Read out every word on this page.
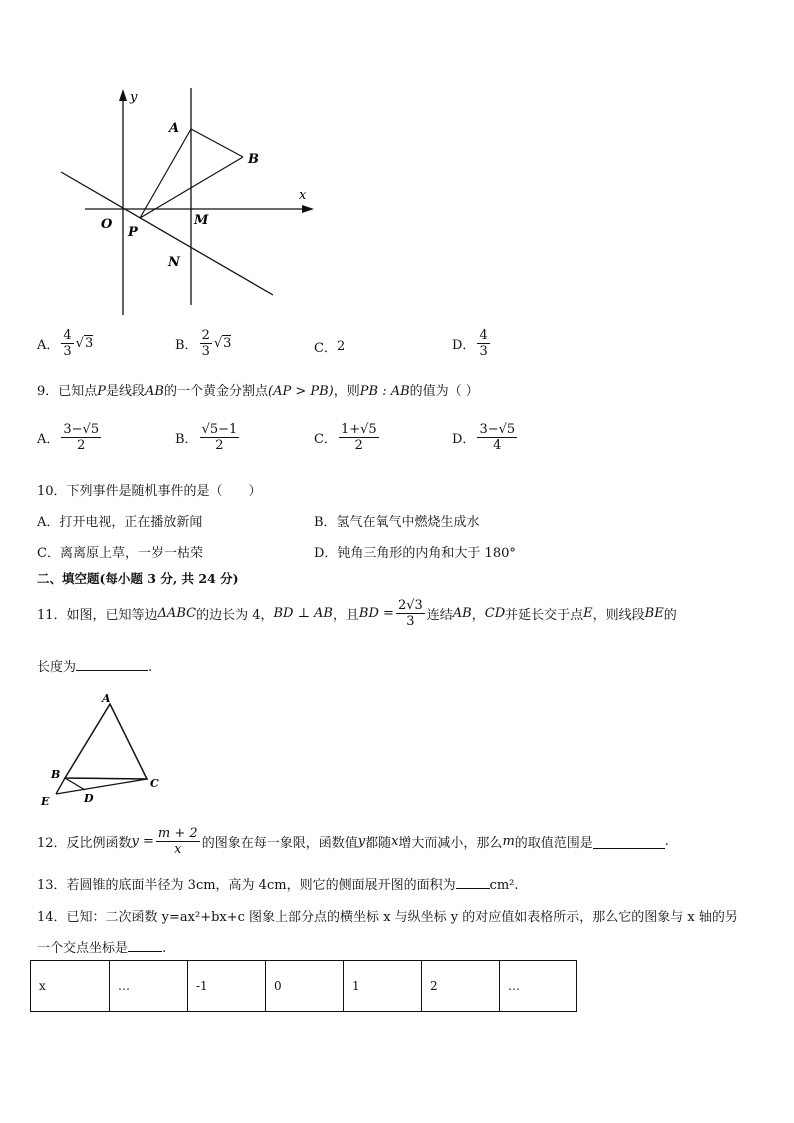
y
x
A
B
O
P
M
N
A． $\frac{4}{3} √3$	B． $\frac{2}{3} √3$	C． 2	D． $\frac{4}{3}$
9．已知点P是线段AB的一个黄金分割点(AP > PB)，则PB : AB的值为（ ）
A． $\frac{3-√5}{2}$	B． $\frac{√5-1}{2}$	C． $\frac{1+√5}{2}$	D． $\frac{3-√5}{4}$
10．下列事件是随机事件的是（　　）
A．打开电视，正在播放新闻	B．氢气在氧气中燃烧生成水
C．离离原上草，一岁一枯荣	D．钝角三角形的内角和大于 180°
二、填空题(每小题 3 分, 共 24 分)
11．如图，已知等边 ΔABC 的边长为 4， BD ⊥ AB ，且 BD = $\frac{2√3}{3}$ 连结 AB ， CD 并延长交于点 E ，则线段 BE 的
长度为	.
A
B
C
D
E
12．反比例函数 $y = \frac{m + 2}{x}$ 的图象在每一象限，函数值 y 都随 x 增大而减小，那么 m 的取值范围是	.
13．若圆锥的底面半径为 3cm，高为 4cm，则它的侧面展开图的面积为	cm².
14．已知：二次函数 y=ax²+bx+c 图象上部分点的横坐标 x 与纵坐标 y 的对应值如表格所示，那么它的图象与 x 轴的另
一个交点坐标是	.
x	…	-1	0	1	2	…
